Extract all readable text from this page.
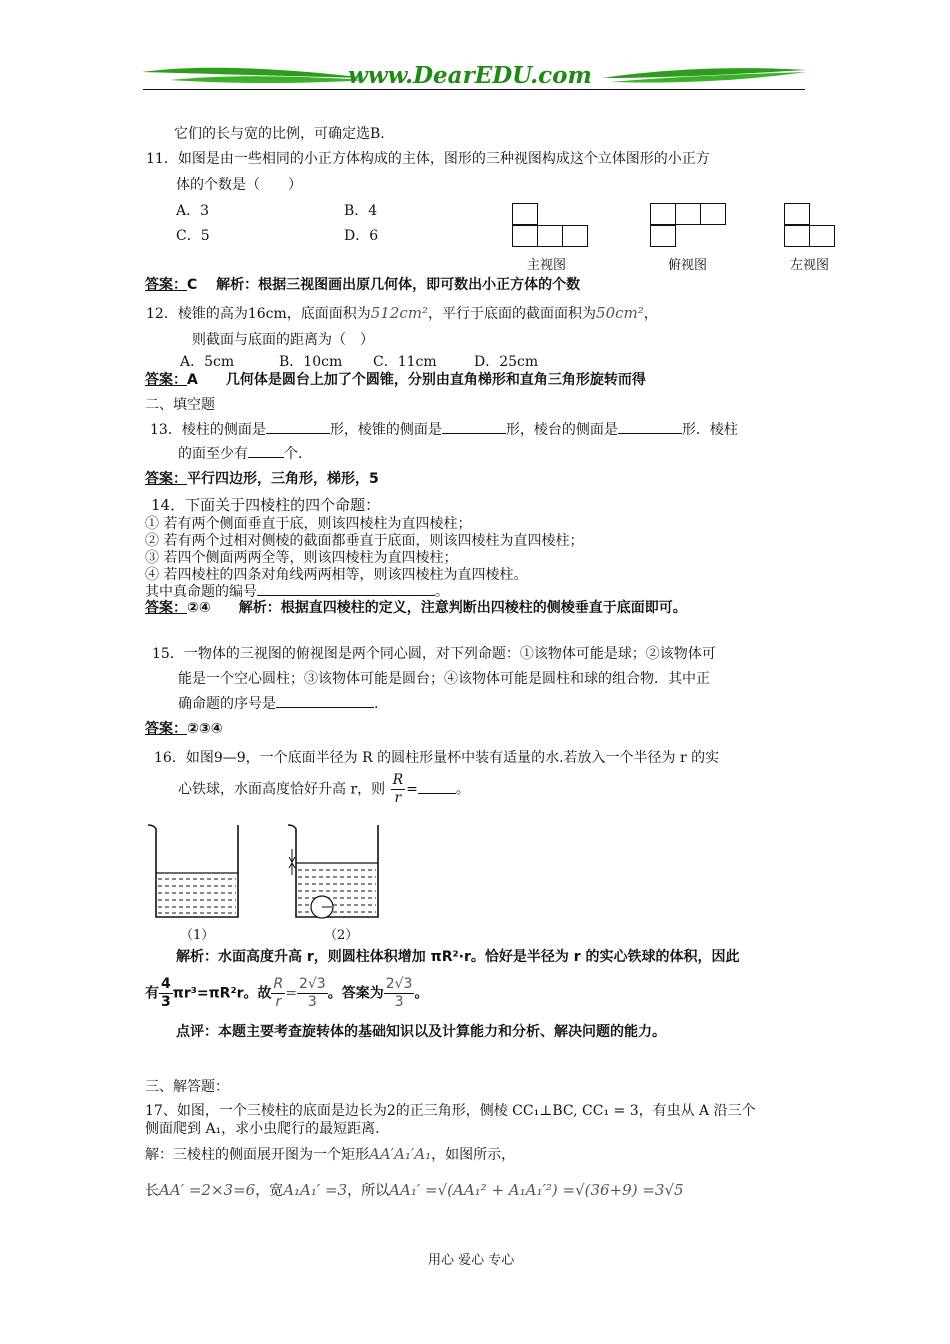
www.DearEDU.com
它们的长与宽的比例，可确定选B.
11．如图是由一些相同的小正方体构成的主体，图形的三种视图构成这个立体图形的小正方
体的个数是（　　）
A．3	B．4
C．5	D．6
主视图	俯视图	左视图
答案：C　 解析：根据三视图画出原几何体，即可数出小正方体的个数
12．棱锥的高为16cm，底面面积为512cm²，平行于底面的截面面积为50cm²，
则截面与底面的距离为（　）
A．5cm	B．10cm C．11cm	D．25cm
答案：A　　几何体是圆台上加了个圆锥，分别由直角梯形和直角三角形旋转而得
二、填空题
13．棱柱的侧面是	形，棱锥的侧面是	形，棱台的侧面是	形．棱柱
的面至少有	个.
答案：平行四边形，三角形，梯形，5
14．下面关于四棱柱的四个命题：
① 若有两个侧面垂直于底，则该四棱柱为直四棱柱；
② 若有两个过相对侧棱的截面都垂直于底面，则该四棱柱为直四棱柱；
③ 若四个侧面两两全等，则该四棱柱为直四棱柱；
④ 若四棱柱的四条对角线两两相等，则该四棱柱为直四棱柱。
其中真命题的编号	。
答案：②④　　解析：根据直四棱柱的定义，注意判断出四棱柱的侧棱垂直于底面即可。
15．一物体的三视图的俯视图是两个同心圆，对下列命题：①该物体可能是球；②该物体可
能是一个空心圆柱；③该物体可能是圆台；④该物体可能是圆柱和球的组合物．其中正
确命题的序号是	.
答案：②③④
16．如图9—9，一个底面半径为 R 的圆柱形量杯中装有适量的水.若放入一个半径为 r 的实
心铁球，水面高度恰好升高 r，则 $\frac{R}{r}$ =	。
（1）	（2）
解析：水面高度升高 r，则圆柱体积增加 πR²·r。恰好是半径为 r 的实心铁球的体积，因此
有 $\frac{4}{3} \pi r^3=\pi R^2r$。故 $\frac{R}{r} = \frac{2√3}{3}$ 。答案为 $\frac{2√3}{3}$ 。
点评：本题主要考查旋转体的基础知识以及计算能力和分析、解决问题的能力。
三、解答题：
17、如图，一个三棱柱的底面是边长为2的正三角形，侧棱 CC₁⊥BC, CC₁ = 3，有虫从 A 沿三个
侧面爬到 A₁，求小虫爬行的最短距离.
解：三棱柱的侧面展开图为一个矩形AA′A₁′A₁，如图所示，
长AA′ =2×3=6，宽A₁A₁′ =3，所以AA₁′ =√(AA₁² + A₁A₁′²) =√(36+9) =3√5
用心 爱心 专心
